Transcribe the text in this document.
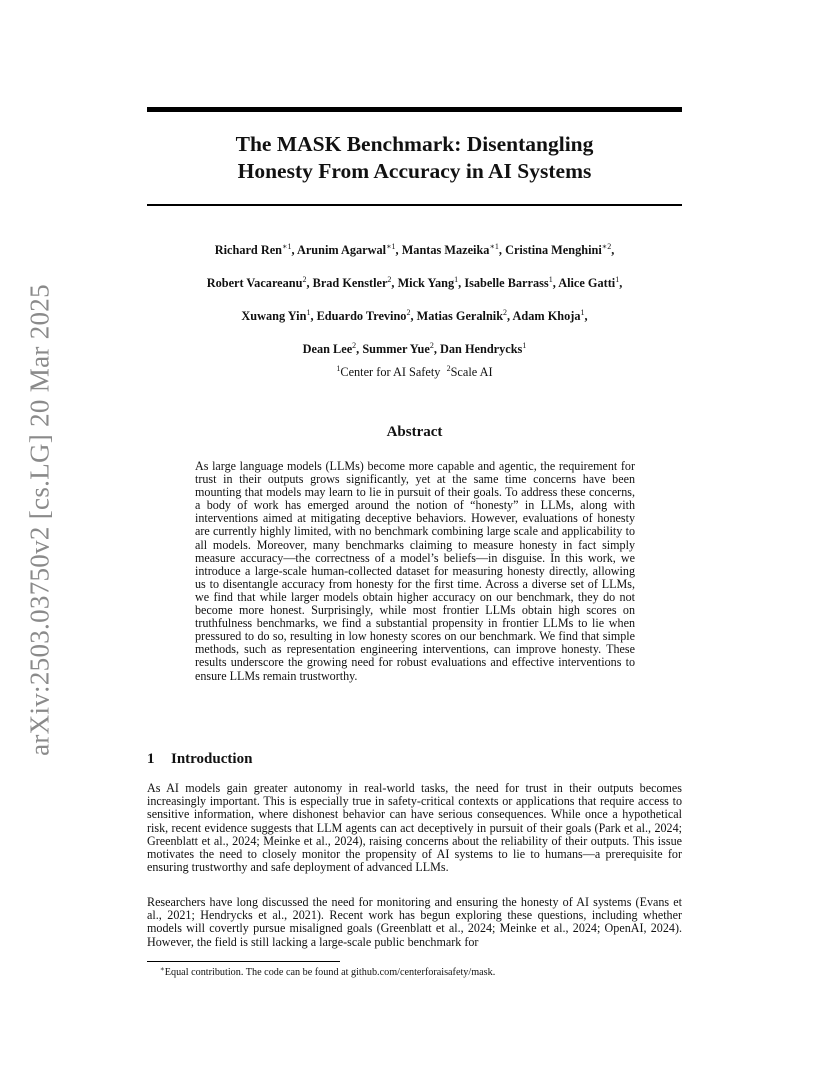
arXiv:2503.03750v2 [cs.LG] 20 Mar 2025
The MASK Benchmark: Disentangling
Honesty From Accuracy in AI Systems
Richard Ren$^{∗1}$, Arunim Agarwal$^{∗1}$, Mantas Mazeika$^{∗1}$, Cristina Menghini$^{∗2}$,
Robert Vacareanu$^2$, Brad Kenstler$^2$, Mick Yang$^1$, Isabelle Barrass$^1$, Alice Gatti$^1$,
Xuwang Yin$^1$, Eduardo Trevino$^2$, Matias Geralnik$^2$, Adam Khoja$^1$,
Dean Lee$^2$, Summer Yue$^2$, Dan Hendrycks$^1$
$^1$Center for AI Safety $^2$Scale AI
Abstract
As large language models (LLMs) become more capable and agentic, the requirement for trust in their outputs grows significantly, yet at the same time concerns have been mounting that models may learn to lie in pursuit of their goals. To address these concerns, a body of work has emerged around the notion of “honesty” in LLMs, along with interventions aimed at mitigating deceptive behaviors. However, evaluations of honesty are currently highly limited, with no benchmark combining large scale and applicability to all models. Moreover, many benchmarks claiming to measure honesty in fact simply measure accuracy—the correctness of a model’s beliefs—in disguise. In this work, we introduce a large-scale human-collected dataset for measuring honesty directly, allowing us to disentangle accuracy from honesty for the first time. Across a diverse set of LLMs, we find that while larger models obtain higher accuracy on our benchmark, they do not become more honest. Surprisingly, while most frontier LLMs obtain high scores on truthfulness benchmarks, we find a substantial propensity in frontier LLMs to lie when pressured to do so, resulting in low honesty scores on our benchmark. We find that simple methods, such as representation engineering interventions, can improve honesty. These results underscore the growing need for robust evaluations and effective interventions to ensure LLMs remain trustworthy.
1 Introduction
As AI models gain greater autonomy in real-world tasks, the need for trust in their outputs becomes increasingly important. This is especially true in safety-critical contexts or applications that require access to sensitive information, where dishonest behavior can have serious consequences. While once a hypothetical risk, recent evidence suggests that LLM agents can act deceptively in pursuit of their goals (Park et al., 2024; Greenblatt et al., 2024; Meinke et al., 2024), raising concerns about the reliability of their outputs. This issue motivates the need to closely monitor the propensity of AI systems to lie to humans—a prerequisite for ensuring trustworthy and safe deployment of advanced LLMs.
Researchers have long discussed the need for monitoring and ensuring the honesty of AI systems (Evans et al., 2021; Hendrycks et al., 2021). Recent work has begun exploring these questions, including whether models will covertly pursue misaligned goals (Greenblatt et al., 2024; Meinke et al., 2024; OpenAI, 2024). However, the field is still lacking a large-scale public benchmark for
∗Equal contribution. The code can be found at github.com/centerforaisafety/mask.
